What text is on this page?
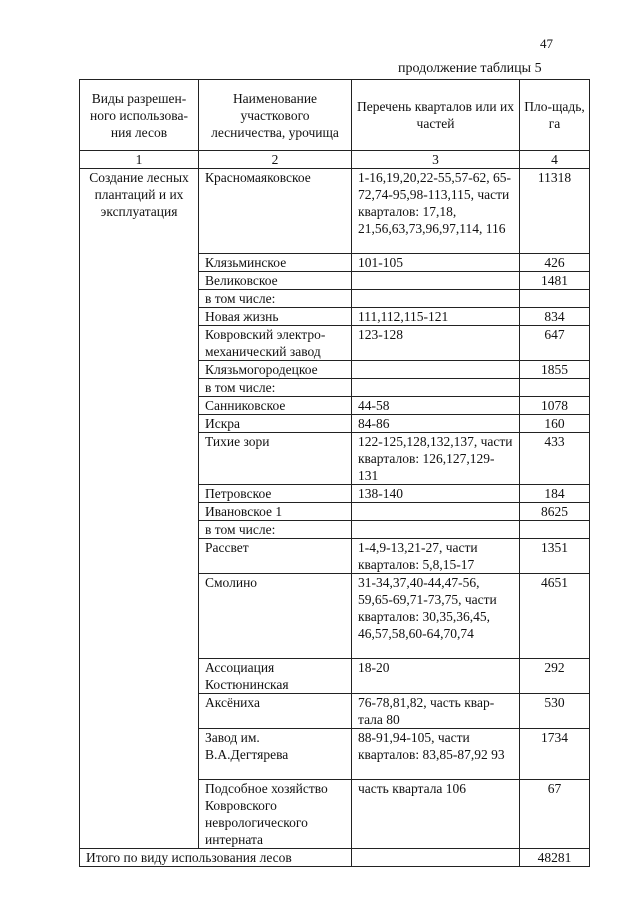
47
продолжение таблицы 5
Виды разрешен-ного использова-ния лесов	Наименование участкового лесничества, урочища	Перечень кварталов или их частей	Пло-щадь, га
1	2	3	4
Создание лесных плантаций и их эксплуатация	Красномаяковское	1-16,19,20,22-55,57-62, 65-72,74-95,98-113,115, части кварталов: 17,18, 21,56,63,73,96,97,114, 116	11318
	Клязьминское	101-105	426
	Великовское		1481
	в том числе:		
	Новая жизнь	111,112,115-121	834
	Ковровский электро-механический завод	123-128	647
	Клязьмогородецкое		1855
	в том числе:		
	Санниковское	44-58	1078
	Искра	84-86	160
	Тихие зори	122-125,128,132,137, части кварталов: 126,127,129-131	433
	Петровское	138-140	184
	Ивановское 1		8625
	в том числе:		
	Рассвет	1-4,9-13,21-27, части кварталов: 5,8,15-17	1351
	Смолино	31-34,37,40-44,47-56, 59,65-69,71-73,75, части кварталов: 30,35,36,45, 46,57,58,60-64,70,74	4651
	Ассоциация Костюнинская	18-20	292
	Аксёниха	76-78,81,82, часть квар-тала 80	530
	Завод им. В.А.Дегтярева	88-91,94-105, части кварталов: 83,85-87,92 93	1734
	Подсобное хозяйство Ковровского неврологического интерната	часть квартала 106	67
Итого по виду использования лесов			48281
